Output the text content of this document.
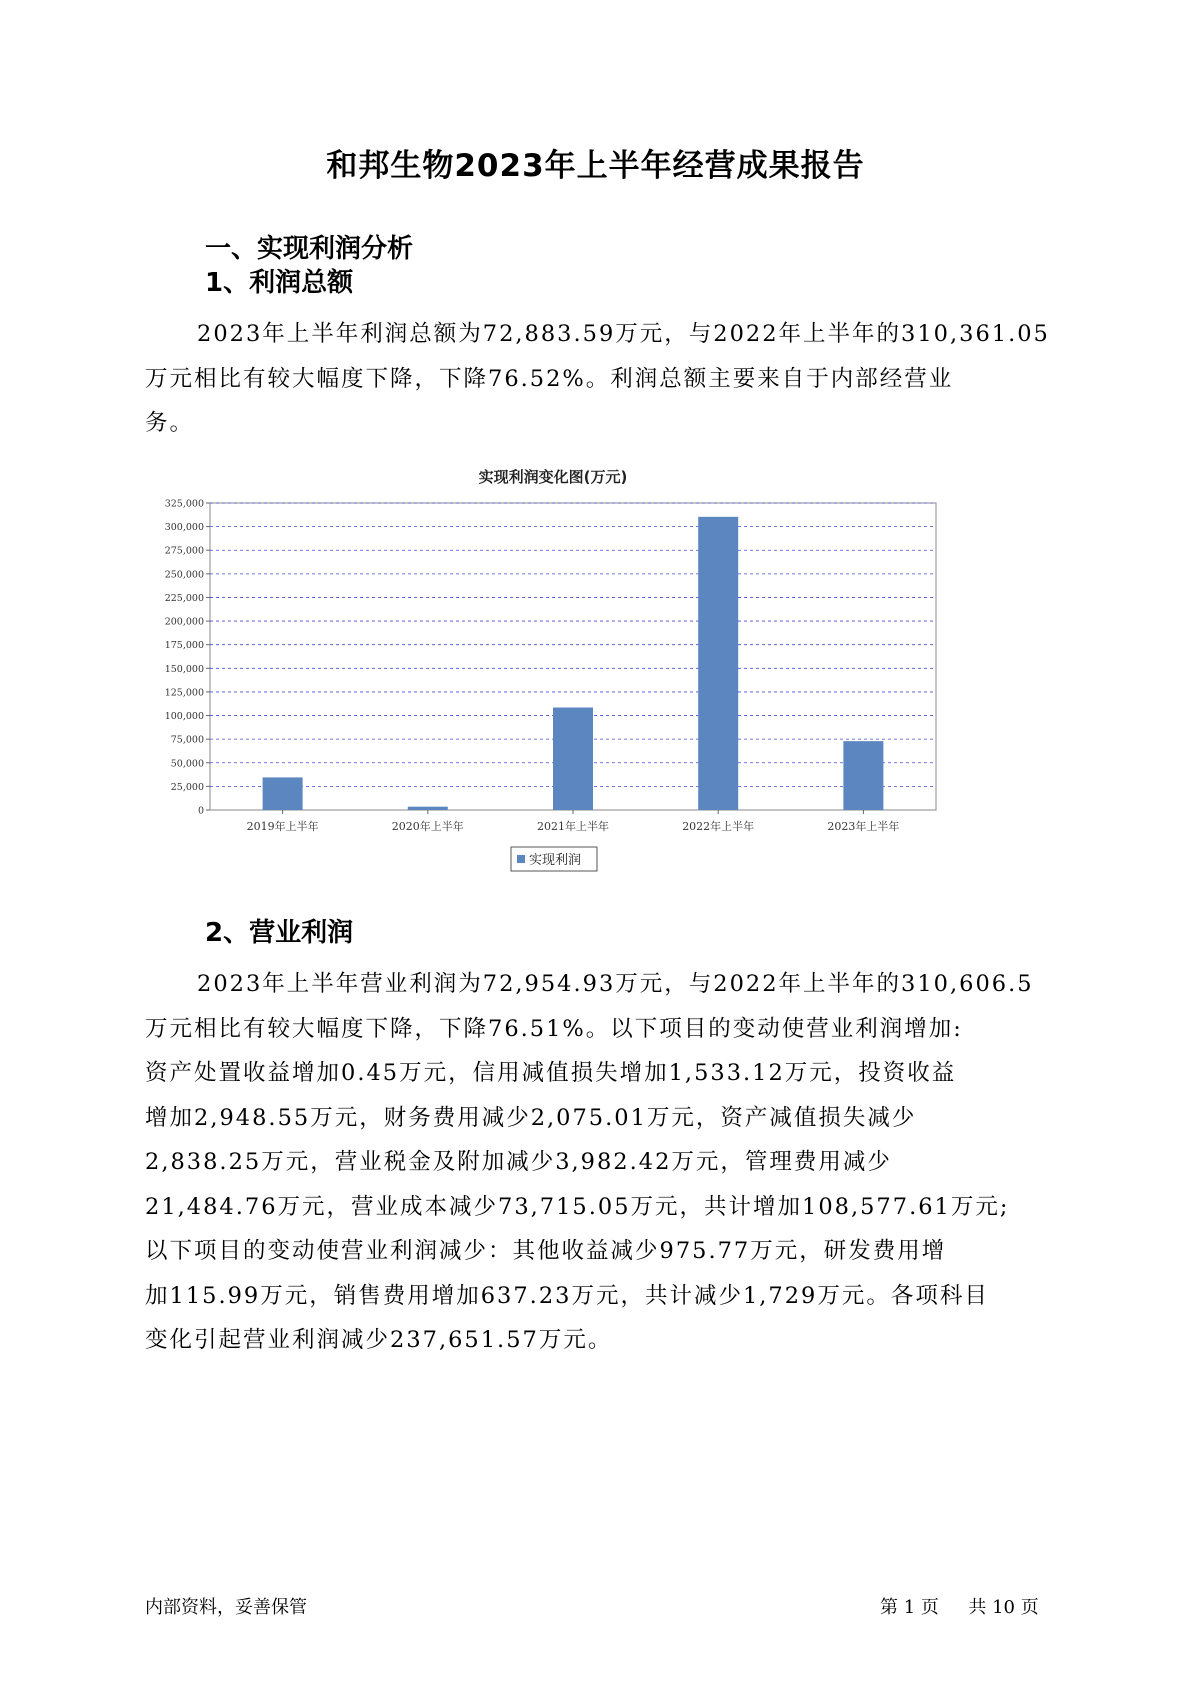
和邦生物2023年上半年经营成果报告
一、实现利润分析
1、利润总额

2023年上半年利润总额为72,883.59万元，与2022年上半年的310,361.05

万元相比有较大幅度下降，下降76.52%。利润总额主要来自于内部经营业

务。

实现利润变化图(万元)
0
25,000
50,000
75,000
100,000
125,000
150,000
175,000
200,000
225,000
250,000
275,000
300,000
325,000
2019年上半年	2020年上半年	2021年上半年	2022年上半年	2023年上半年
实现利润
2、营业利润

2023年上半年营业利润为72,954.93万元，与2022年上半年的310,606.5

万元相比有较大幅度下降，下降76.51%。以下项目的变动使营业利润增加:

资产处置收益增加0.45万元，信用减值损失增加1,533.12万元，投资收益

增加2,948.55万元，财务费用减少2,075.01万元，资产减值损失减少

2,838.25万元，营业税金及附加减少3,982.42万元，管理费用减少

21,484.76万元，营业成本减少73,715.05万元，共计增加108,577.61万元;

以下项目的变动使营业利润减少：其他收益减少975.77万元，研发费用增

加115.99万元，销售费用增加637.23万元，共计减少1,729万元。各项科目

变化引起营业利润减少237,651.57万元。

内部资料，妥善保管	第 1 页 共 10 页
